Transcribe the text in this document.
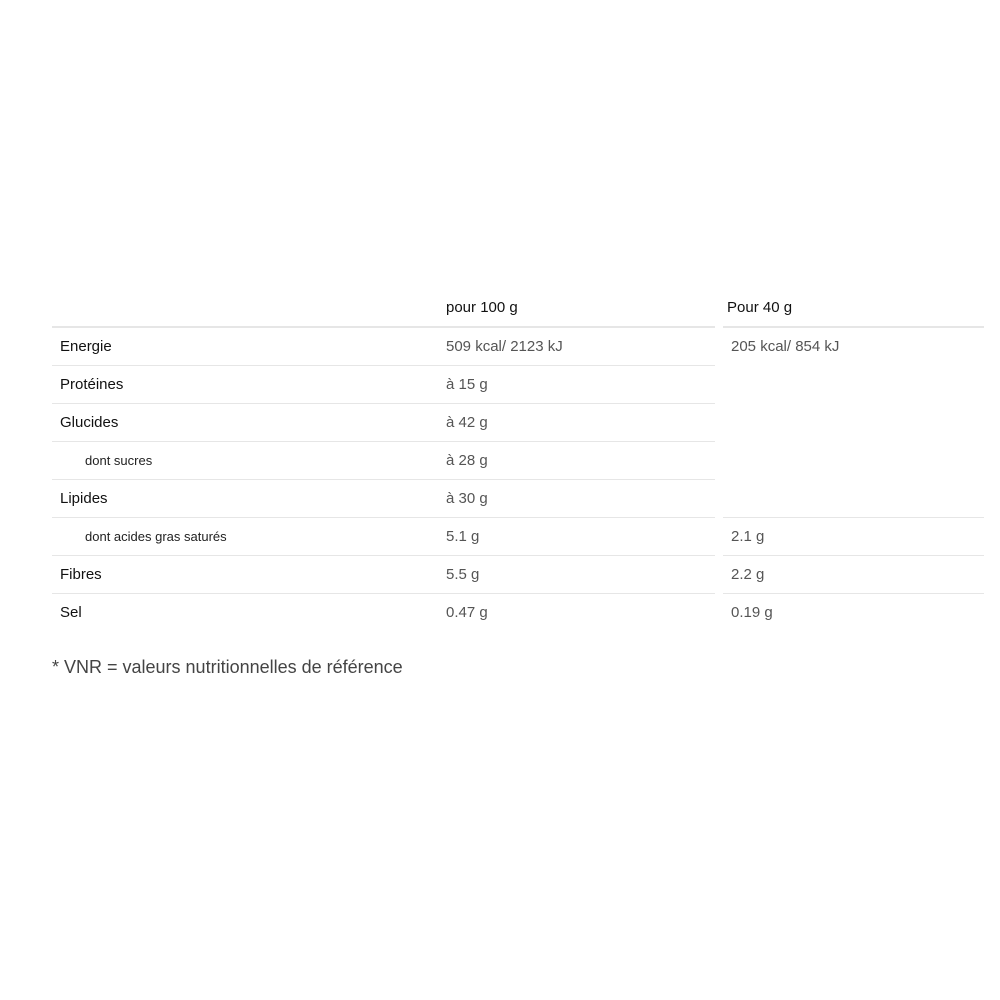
	pour 100 g	Pour 40 g
Energie	509 kcal/ 2123 kJ	205 kcal/ 854 kJ
Protéines	à 15 g	
Glucides	à 42 g	
dont sucres	à 28 g	
Lipides	à 30 g	
dont acides gras saturés	5.1 g	2.1 g
Fibres	5.5 g	2.2 g
Sel	0.47 g	0.19 g
* VNR = valeurs nutritionnelles de référence
